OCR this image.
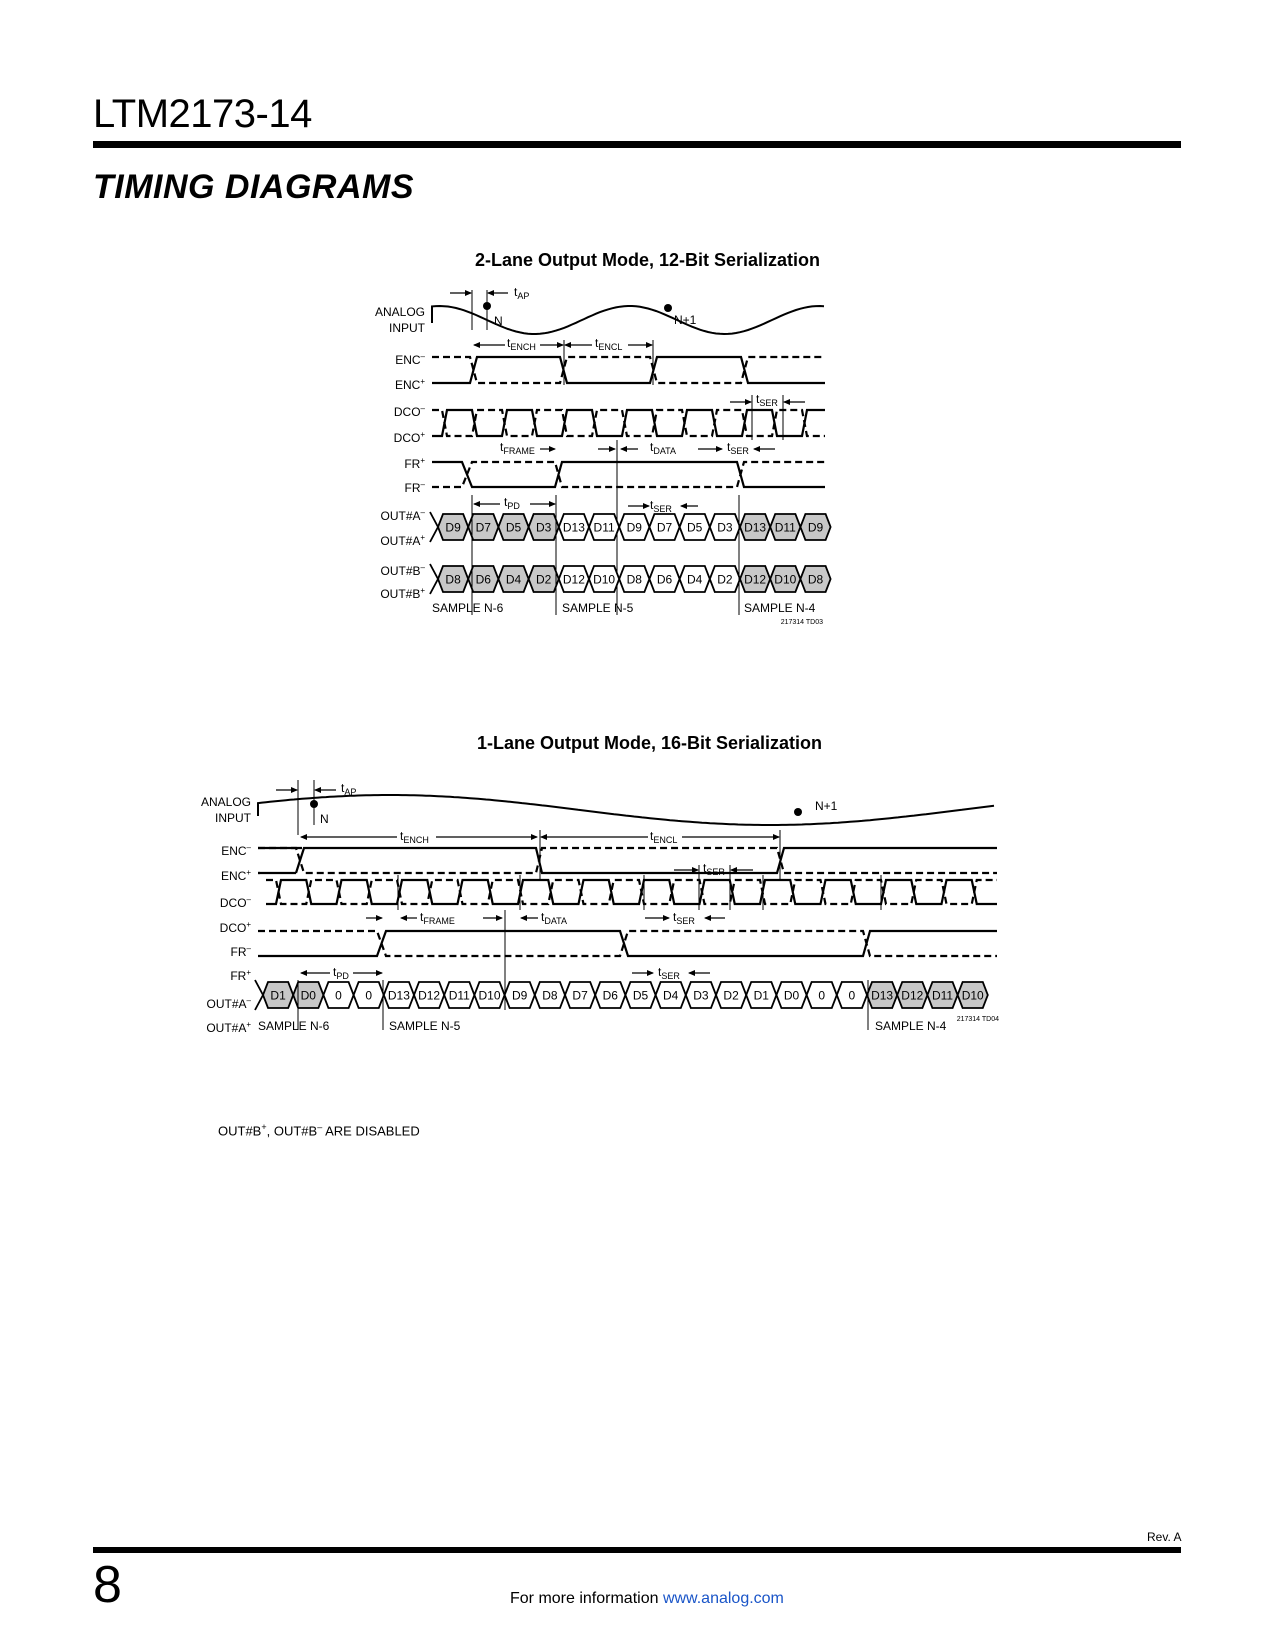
LTM2173-14
TIMING DIAGRAMS
2-Lane Output Mode, 12-Bit Serialization
ANALOG
INPUT
ENC–
ENC+
DCO–
DCO+
FR+
FR–
OUT#A–
OUT#A+
OUT#B–
OUT#B+
N	N+1
$t_{AP}$
$t_{ENCH}$	$t_{ENCL}$
$t_{SER}$
$t_{FRAME}$	$t_{DATA}$	$t_{SER}$
$t_{PD}$	$t_{SER}$
D9 D7 D5 D3 D13 D11 D9 D7 D5 D3 D13 D11 D9
D8 D6 D4 D2 D12 D10 D8 D6 D4 D2 D12 D10 D8
SAMPLE N-6	SAMPLE N-5	SAMPLE N-4
217314 TD03
1-Lane Output Mode, 16-Bit Serialization
ANALOG
INPUT
ENC–
ENC+
DCO–
DCO+
FR–
FR+
OUT#A–
OUT#A+
N
N+1
$t_{AP}$
$t_{ENCH}$	$t_{ENCL}$
$t_{SER}$
$t_{FRAME}$	$t_{DATA}$	$t_{SER}$
$t_{PD}$	$t_{SER}$
D1 D0 0 0 D13 D12 D11 D10 D9 D8 D7 D6 D5 D4 D3 D2 D1 D0 0 0 D13 D12 D11 D10
SAMPLE N-6	SAMPLE N-5	SAMPLE N-4 217314 TD04
OUT#B+, OUT#B– ARE DISABLED
Rev. A
8	For more information www.analog.com
